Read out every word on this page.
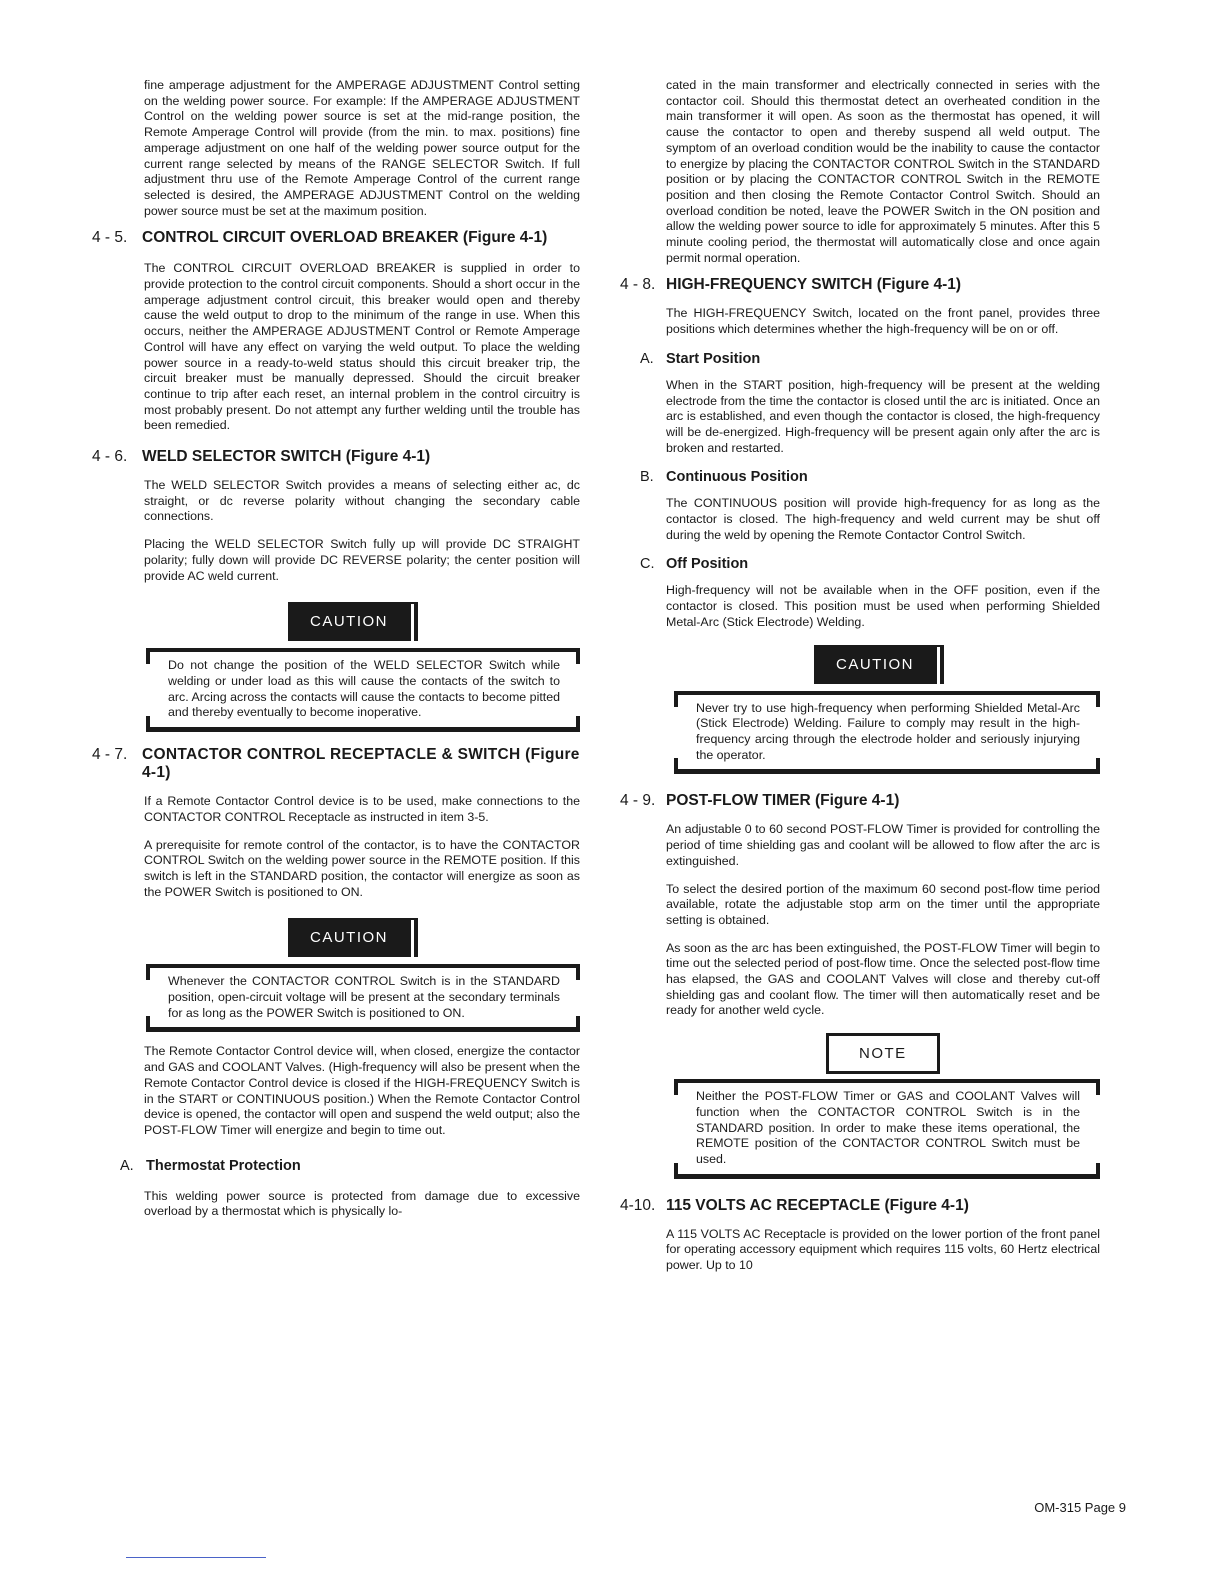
fine amperage adjustment for the AMPERAGE ADJUSTMENT Control setting on the welding power source. For example: If the AMPERAGE ADJUSTMENT Control on the welding power source is set at the mid-range position, the Remote Amperage Control will provide (from the min. to max. positions) fine amperage adjustment on one half of the welding power source output for the current range selected by means of the RANGE SELECTOR Switch. If full adjustment thru use of the Remote Amperage Control of the current range selected is desired, the AMPERAGE ADJUSTMENT Control on the welding power source must be set at the maximum position.

4 - 5. CONTROL CIRCUIT OVERLOAD BREAKER (Figure 4-1)

The CONTROL CIRCUIT OVERLOAD BREAKER is supplied in order to provide protection to the control circuit components. Should a short occur in the amperage adjustment control circuit, this breaker would open and thereby cause the weld output to drop to the minimum of the range in use. When this occurs, neither the AMPERAGE ADJUSTMENT Control or Remote Amperage Control will have any effect on varying the weld output. To place the welding power source in a ready-to-weld status should this circuit breaker trip, the circuit breaker must be manually depressed. Should the circuit breaker continue to trip after each reset, an internal problem in the control circuitry is most probably present. Do not attempt any further welding until the trouble has been remedied.

4 - 6. WELD SELECTOR SWITCH (Figure 4-1)

The WELD SELECTOR Switch provides a means of selecting either ac, dc straight, or dc reverse polarity without changing the secondary cable connections.

Placing the WELD SELECTOR Switch fully up will provide DC STRAIGHT polarity; fully down will provide DC REVERSE polarity; the center position will provide AC weld current.

CAUTION

Do not change the position of the WELD SELECTOR Switch while welding or under load as this will cause the contacts of the switch to arc. Arcing across the contacts will cause the contacts to become pitted and thereby eventually to become inoperative.

4 - 7. CONTACTOR CONTROL RECEPTACLE & SWITCH (Figure 4-1)

If a Remote Contactor Control device is to be used, make connections to the CONTACTOR CONTROL Receptacle as instructed in item 3-5.

A prerequisite for remote control of the contactor, is to have the CONTACTOR CONTROL Switch on the welding power source in the REMOTE position. If this switch is left in the STANDARD position, the contactor will energize as soon as the POWER Switch is positioned to ON.

CAUTION

Whenever the CONTACTOR CONTROL Switch is in the STANDARD position, open-circuit voltage will be present at the secondary terminals for as long as the POWER Switch is positioned to ON.

The Remote Contactor Control device will, when closed, energize the contactor and GAS and COOLANT Valves. (High-frequency will also be present when the Remote Contactor Control device is closed if the HIGH-FREQUENCY Switch is in the START or CONTINUOUS position.) When the Remote Contactor Control device is opened, the contactor will open and suspend the weld output; also the POST-FLOW Timer will energize and begin to time out.

A. Thermostat Protection

This welding power source is protected from damage due to excessive overload by a thermostat which is physically lo-

cated in the main transformer and electrically connected in series with the contactor coil. Should this thermostat detect an overheated condition in the main transformer it will open. As soon as the thermostat has opened, it will cause the contactor to open and thereby suspend all weld output. The symptom of an overload condition would be the inability to cause the contactor to energize by placing the CONTACTOR CONTROL Switch in the STANDARD position or by placing the CONTACTOR CONTROL Switch in the REMOTE position and then closing the Remote Contactor Control Switch. Should an overload condition be noted, leave the POWER Switch in the ON position and allow the welding power source to idle for approximately 5 minutes. After this 5 minute cooling period, the thermostat will automatically close and once again permit normal operation.

4 - 8. HIGH-FREQUENCY SWITCH (Figure 4-1)

The HIGH-FREQUENCY Switch, located on the front panel, provides three positions which determines whether the high-frequency will be on or off.

A. Start Position

When in the START position, high-frequency will be present at the welding electrode from the time the contactor is closed until the arc is initiated. Once an arc is established, and even though the contactor is closed, the high-frequency will be de-energized. High-frequency will be present again only after the arc is broken and restarted.

B. Continuous Position

The CONTINUOUS position will provide high-frequency for as long as the contactor is closed. The high-frequency and weld current may be shut off during the weld by opening the Remote Contactor Control Switch.

C. Off Position

High-frequency will not be available when in the OFF position, even if the contactor is closed. This position must be used when performing Shielded Metal-Arc (Stick Electrode) Welding.

CAUTION

Never try to use high-frequency when performing Shielded Metal-Arc (Stick Electrode) Welding. Failure to comply may result in the high-frequency arcing through the electrode holder and seriously injurying the operator.

4 - 9. POST-FLOW TIMER (Figure 4-1)

An adjustable 0 to 60 second POST-FLOW Timer is provided for controlling the period of time shielding gas and coolant will be allowed to flow after the arc is extinguished.

To select the desired portion of the maximum 60 second post-flow time period available, rotate the adjustable stop arm on the timer until the appropriate setting is obtained.

As soon as the arc has been extinguished, the POST-FLOW Timer will begin to time out the selected period of post-flow time. Once the selected post-flow time has elapsed, the GAS and COOLANT Valves will close and thereby cut-off shielding gas and coolant flow. The timer will then automatically reset and be ready for another weld cycle.

NOTE

Neither the POST-FLOW Timer or GAS and COOLANT Valves will function when the CONTACTOR CONTROL Switch is in the STANDARD position. In order to make these items operational, the REMOTE position of the CONTACTOR CONTROL Switch must be used.

4-10. 115 VOLTS AC RECEPTACLE (Figure 4-1)

A 115 VOLTS AC Receptacle is provided on the lower portion of the front panel for operating accessory equipment which requires 115 volts, 60 Hertz electrical power. Up to 10

OM-315 Page 9
